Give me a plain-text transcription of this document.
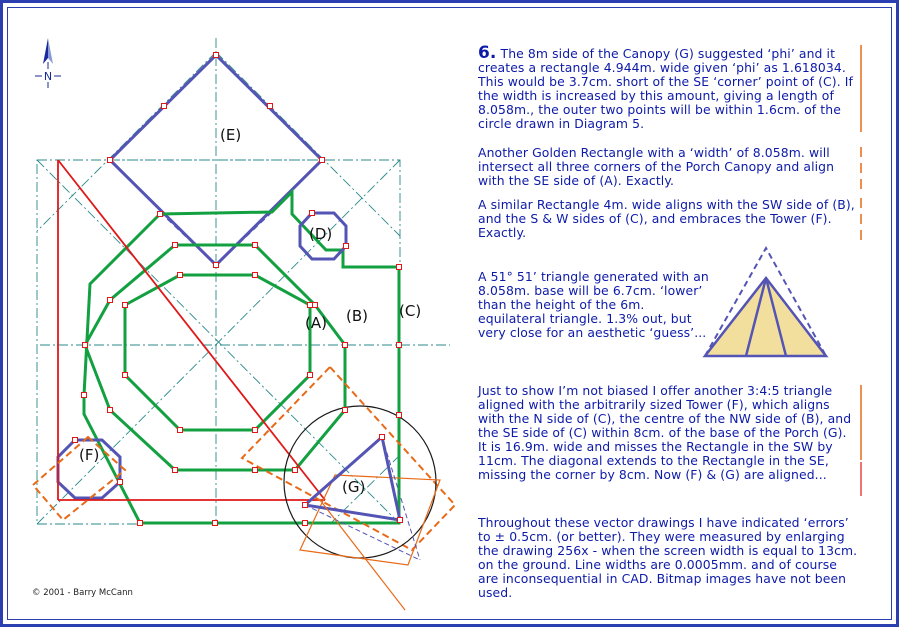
N
(E)
(D)
(A) (B) (C)
(F)
(G)

6. The 8m side of the Canopy (G) suggested ‘phi’ and it creates a rectangle 4.944m. wide given ‘phi’ as 1.618034. This would be 3.7cm. short of the SE ‘corner’ point of (C). If the width is increased by this amount, giving a length of 8.058m., the outer two points will be within 1.6cm. of the circle drawn in Diagram 5.

Another Golden Rectangle with a ‘width’ of 8.058m. will intersect all three corners of the Porch Canopy and align with the SE side of (A). Exactly.

A similar Rectangle 4m. wide aligns with the SW side of (B), and the S & W sides of (C), and embraces the Tower (F). Exactly.

A 51° 51’ triangle generated with an 8.058m. base will be 6.7cm. ‘lower’ than the height of the 6m. equilateral triangle. 1.3% out, but very close for an aesthetic ‘guess’...

Just to show I’m not biased I offer another 3:4:5 triangle aligned with the arbitrarily sized Tower (F), which aligns with the N side of (C), the centre of the NW side of (B), and the SE side of (C) within 8cm. of the base of the Porch (G). It is 16.9m. wide and misses the Rectangle in the SW by 11cm. The diagonal extends to the Rectangle in the SE, missing the corner by 8cm. Now (F) & (G) are aligned...

Throughout these vector drawings I have indicated ‘errors’ to ± 0.5cm. (or better). They were measured by enlarging the drawing 256x - when the screen width is equal to 13cm. on the ground. Line widths are 0.0005mm. and of course are inconsequential in CAD. Bitmap images have not been used.

© 2001 - Barry McCann
